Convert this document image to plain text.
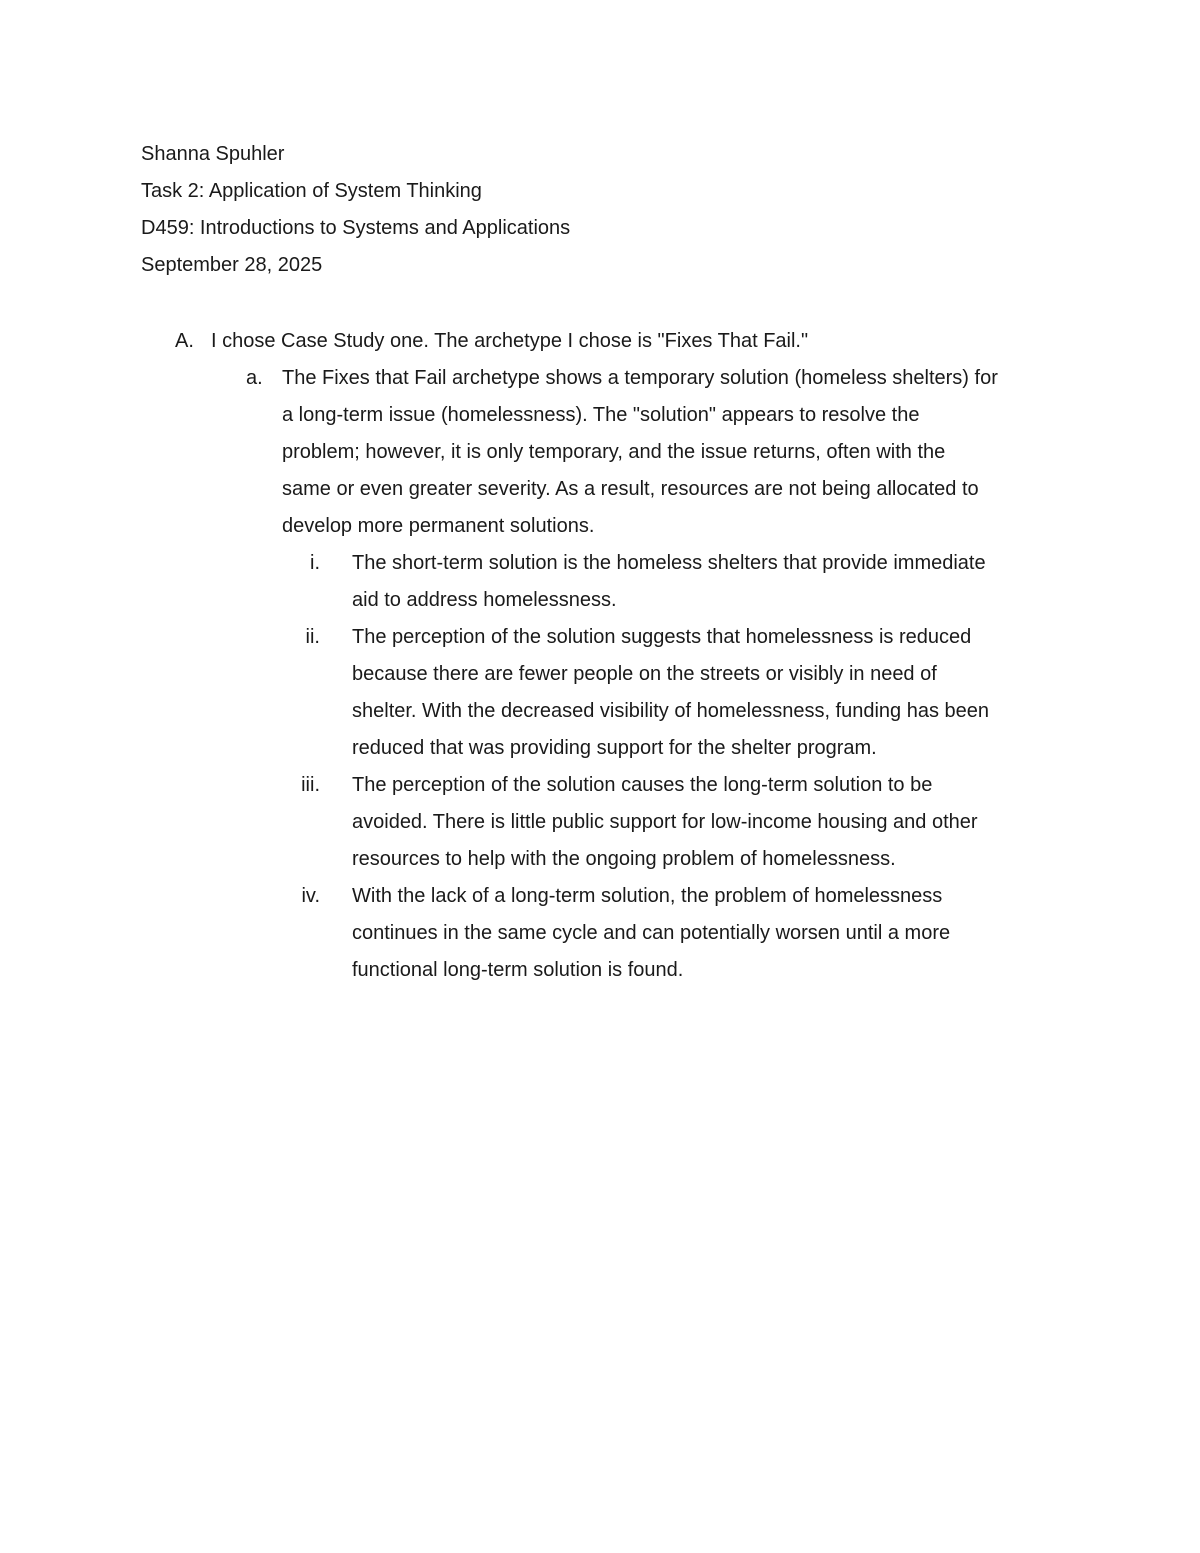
Shanna Spuhler
Task 2: Application of System Thinking
D459: Introductions to Systems and Applications
September 28, 2025
A. I chose Case Study one. The archetype I chose is "Fixes That Fail."
a. The Fixes that Fail archetype shows a temporary solution (homeless shelters) for
a long-term issue (homelessness). The "solution" appears to resolve the
problem; however, it is only temporary, and the issue returns, often with the
same or even greater severity. As a result, resources are not being allocated to
develop more permanent solutions.
i. The short-term solution is the homeless shelters that provide immediate
aid to address homelessness.
ii. The perception of the solution suggests that homelessness is reduced
because there are fewer people on the streets or visibly in need of
shelter. With the decreased visibility of homelessness, funding has been
reduced that was providing support for the shelter program.
iii. The perception of the solution causes the long-term solution to be
avoided. There is little public support for low-income housing and other
resources to help with the ongoing problem of homelessness.
iv. With the lack of a long-term solution, the problem of homelessness
continues in the same cycle and can potentially worsen until a more
functional long-term solution is found.
